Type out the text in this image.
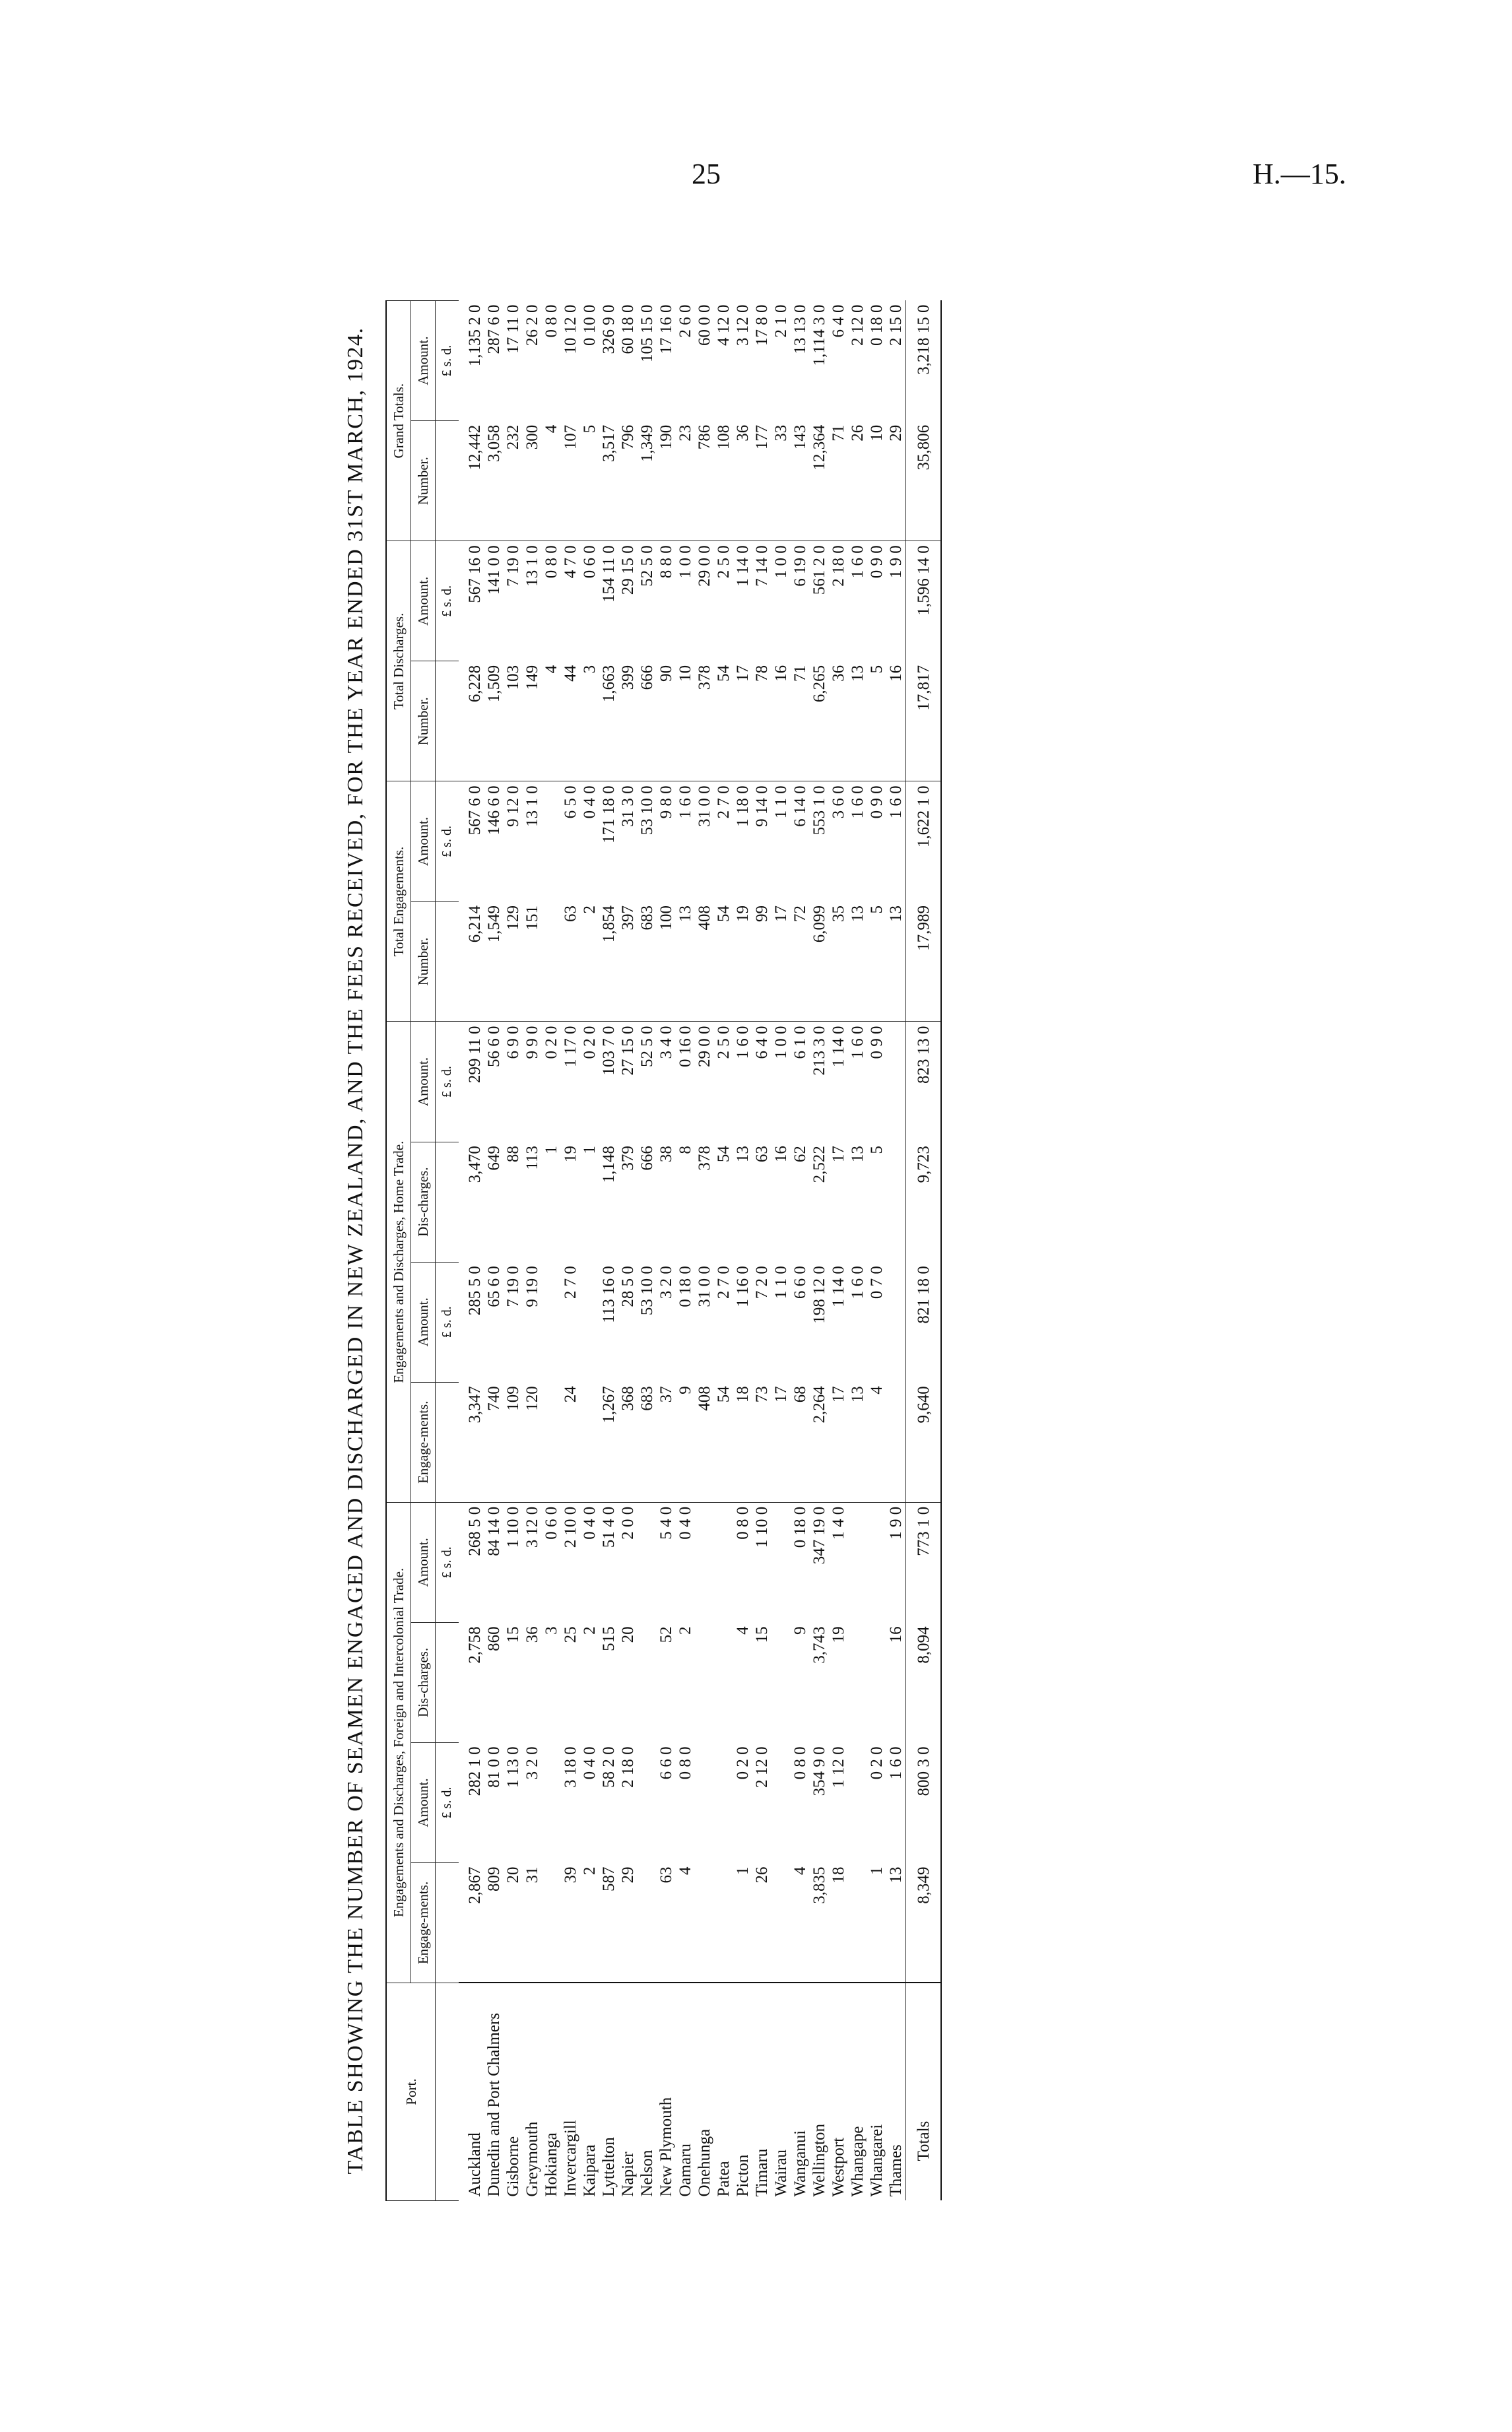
25	H.—15.
TABLE SHOWING THE NUMBER OF SEAMEN ENGAGED AND DISCHARGED IN NEW ZEALAND, AND THE FEES RECEIVED, FOR THE YEAR ENDED 31ST MARCH, 1924.	Port.	Engagements and Discharges, Foreign and Intercolonial Trade.				Engagements and Discharges, Home Trade.				Total Engagements.		Total Discharges.		Grand Totals.	
	Engage-ments.	Amount.	Dis-charges.	Amount.	Engage-ments.	Amount.	Dis-charges.	Amount.	Number.	Amount.	Number.	Amount.	Number.	Amount.
		£ s. d.		£ s. d.		£ s. d.		£ s. d.		£ s. d.		£ s. d.		£ s. d.
Auckland	2,867	282 1 0	2,758	268 5 0	3,347	285 5 0	3,470	299 11 0	6,214	567 6 0	6,228	567 16 0	12,442	1,135 2 0
Dunedin and Port Chalmers	809	81 0 0	860	84 14 0	740	65 6 0	649	56 6 0	1,549	146 6 0	1,509	141 0 0	3,058	287 6 0
Gisborne	20	1 13 0	15	1 10 0	109	7 19 0	88	6 9 0	129	9 12 0	103	7 19 0	232	17 11 0
Greymouth	31	3 2 0	36	3 12 0	120	9 19 0	113	9 9 0	151	13 1 0	149	13 1 0	300	26 2 0
Hokianga			3	0 6 0			1	0 2 0			4	0 8 0	4	0 8 0
Invercargill	39	3 18 0	25	2 10 0	24	2 7 0	19	1 17 0	63	6 5 0	44	4 7 0	107	10 12 0
Kaipara	2	0 4 0	2	0 4 0			1	0 2 0	2	0 4 0	3	0 6 0	5	0 10 0
Lyttelton	587	58 2 0	515	51 4 0	1,267	113 16 0	1,148	103 7 0	1,854	171 18 0	1,663	154 11 0	3,517	326 9 0
Napier	29	2 18 0	20	2 0 0	368	28 5 0	379	27 15 0	397	31 3 0	399	29 15 0	796	60 18 0
Nelson					683	53 10 0	666	52 5 0	683	53 10 0	666	52 5 0	1,349	105 15 0
New Plymouth	63	6 6 0	52	5 4 0	37	3 2 0	38	3 4 0	100	9 8 0	90	8 8 0	190	17 16 0
Oamaru	4	0 8 0	2	0 4 0	9	0 18 0	8	0 16 0	13	1 6 0	10	1 0 0	23	2 6 0
Onehunga					408	31 0 0	378	29 0 0	408	31 0 0	378	29 0 0	786	60 0 0
Patea					54	2 7 0	54	2 5 0	54	2 7 0	54	2 5 0	108	4 12 0
Picton	1	0 2 0	4	0 8 0	18	1 16 0	13	1 6 0	19	1 18 0	17	1 14 0	36	3 12 0
Timaru	26	2 12 0	15	1 10 0	73	7 2 0	63	6 4 0	99	9 14 0	78	7 14 0	177	17 8 0
Wairau					17	1 1 0	16	1 0 0	17	1 1 0	16	1 0 0	33	2 1 0
Wanganui	4	0 8 0	9	0 18 0	68	6 6 0	62	6 1 0	72	6 14 0	71	6 19 0	143	13 13 0
Wellington	3,835	354 9 0	3,743	347 19 0	2,264	198 12 0	2,522	213 3 0	6,099	553 1 0	6,265	561 2 0	12,364	1,114 3 0
Westport	18	1 12 0	19	1 4 0	17	1 14 0	17	1 14 0	35	3 6 0	36	2 18 0	71	6 4 0
Whangape					13	1 6 0	13	1 6 0	13	1 6 0	13	1 6 0	26	2 12 0
Whangarei	1	0 2 0			4	0 7 0	5	0 9 0	5	0 9 0	5	0 9 0	10	0 18 0
Thames	13	1 6 0	16	1 9 0					13	1 6 0	16	1 9 0	29	2 15 0
Totals	8,349	800 3 0	8,094	773 1 0	9,640	821 18 0	9,723	823 13 0	17,989	1,622 1 0	17,817	1,596 14 0	35,806	3,218 15 0
